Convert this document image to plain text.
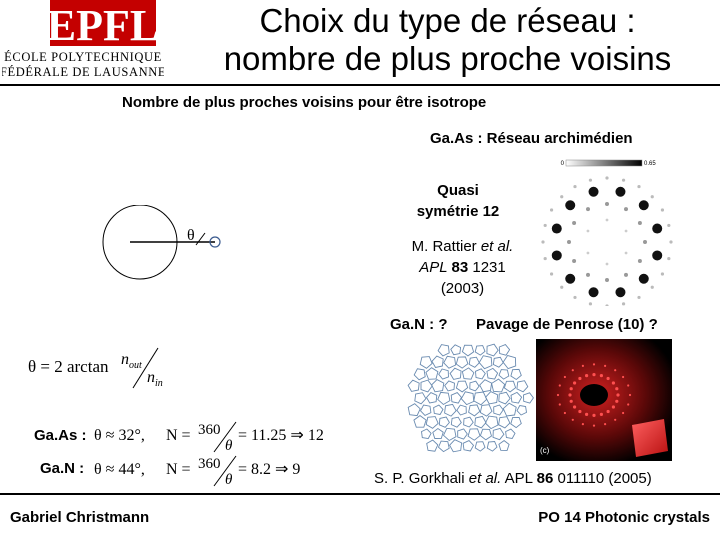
EPFL
ÉCOLE POLYTECHNIQUE
FÉDÉRALE DE LAUSANNE
Choix du type de réseau :
nombre de plus proche voisins
Nombre de plus proches voisins pour être isotrope
Ga.As : Réseau archimédien
Quasi
symétrie 12
M. Rattier et al.
APL 83 1231
(2003)
0	0.65
Ga.N : ? Pavage de Penrose (10) ?
(c)
θ
θ = 2 arctan n out
n in
Ga.As : θ ≈ 32°, N = 360
θ
= 11.25 ⇒ 12
Ga.N : θ ≈ 44°, N = 360
θ
= 8.2 ⇒ 9
S. P. Gorkhali et al. APL 86 011110 (2005)
Gabriel Christmann	PO 14 Photonic crystals
